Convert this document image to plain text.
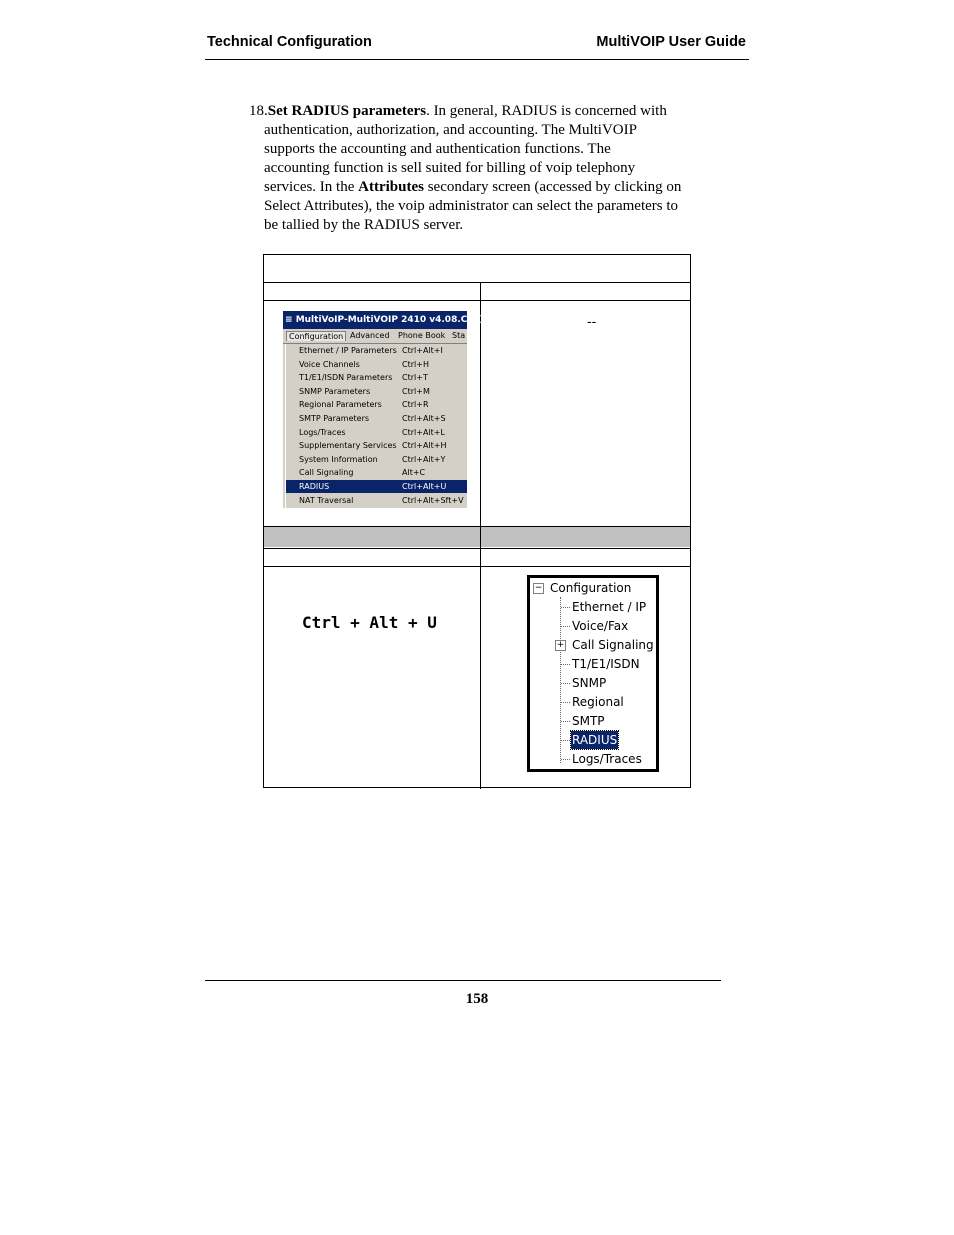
Technical Configuration	MultiVOIP User Guide
18. Set RADIUS parameters. In general, RADIUS is concerned with
authentication, authorization, and accounting. The MultiVOIP
supports the accounting and authentication functions. The
accounting function is sell suited for billing of voip telephony
services. In the Attributes secondary screen (accessed by clicking on
Select Attributes), the voip administrator can select the parameters to
be tallied by the RADIUS server.
--
≡ MultiVoIP-MultiVOIP 2410 v4.08.CV (F
Configuration Advanced Phone Book Sta
Ethernet / IP Parameters Ctrl+Alt+I
Voice Channels	Ctrl+H
T1/E1/ISDN Parameters Ctrl+T
SNMP Parameters	Ctrl+M
Regional Parameters	Ctrl+R
SMTP Parameters	Ctrl+Alt+S
Logs/Traces	Ctrl+Alt+L
Supplementary Services Ctrl+Alt+H
System Information	Ctrl+Alt+Y
Call Signaling	Alt+C
RADIUS	Ctrl+Alt+U
NAT Traversal	Ctrl+Alt+Sft+V
Ctrl + Alt + U
− Configuration
Ethernet / IP
Voice/Fax
+ Call Signaling
T1/E1/ISDN
SNMP
Regional
SMTP
RADIUS
Logs/Traces
158
